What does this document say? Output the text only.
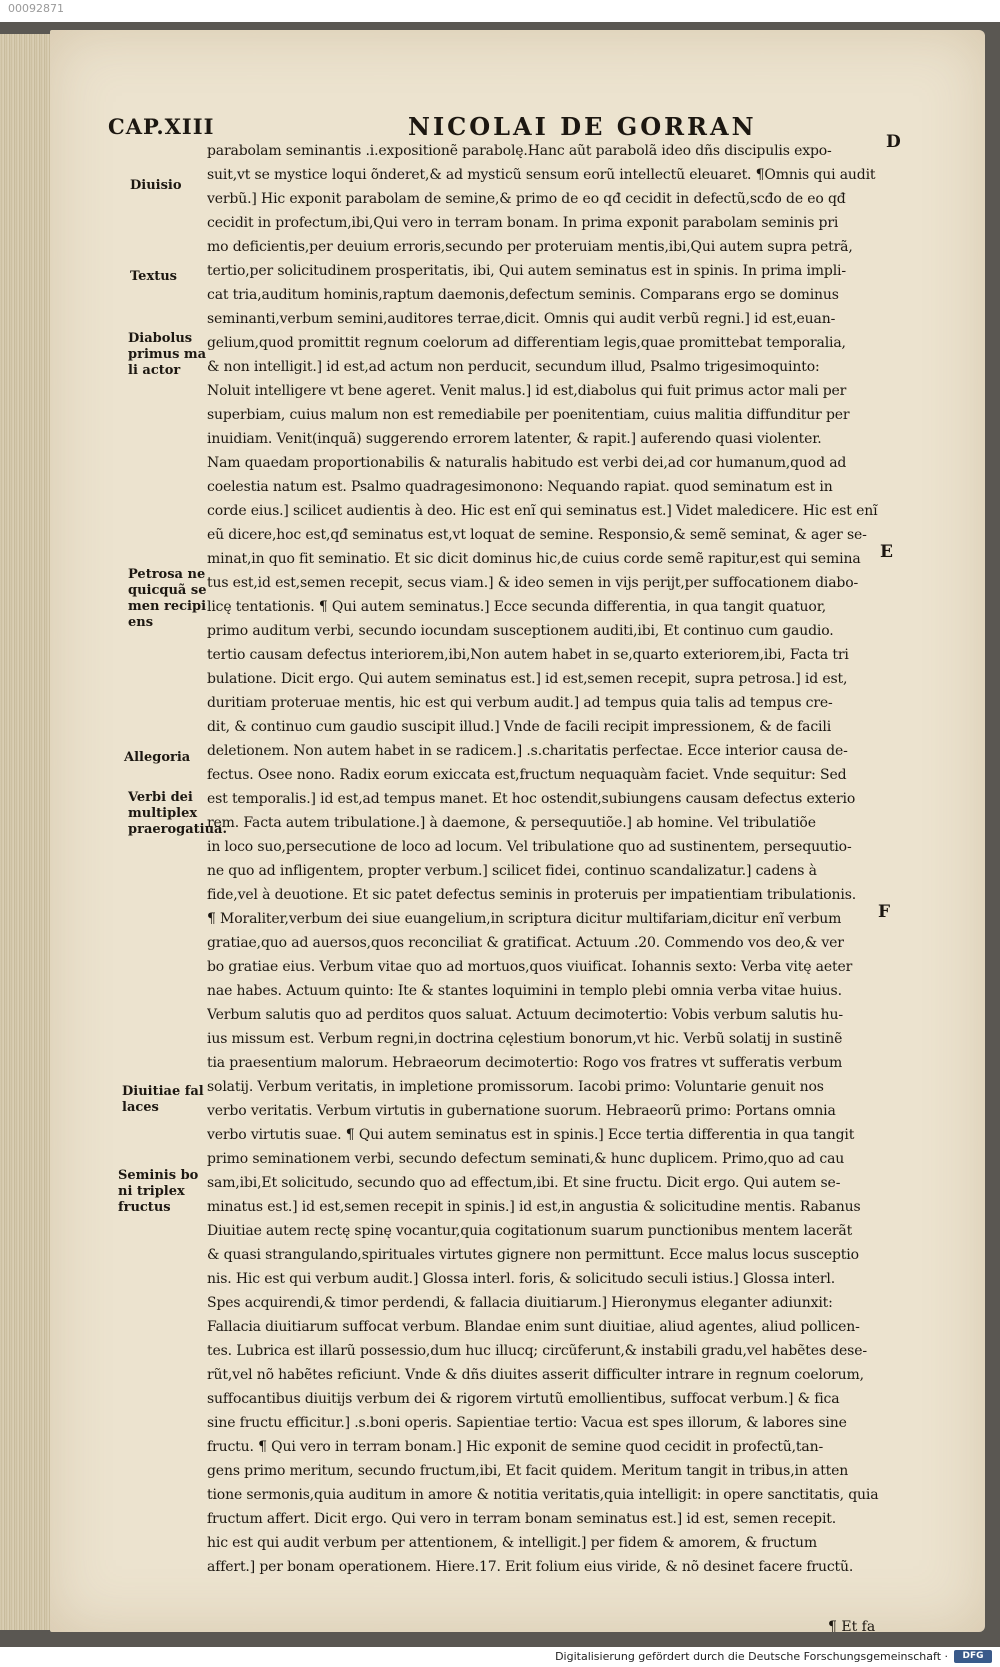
00092871
CAP.XIII	NICOLAI DE GORRAN
Diuisio
Textus
Diabolus
primus ma
li actor
Petrosa ne
quicquã se
men recipi
ens
Allegoria
Verbi dei
multiplex
praerogatiua.
Diuitiae fal
laces
Seminis bo
ni triplex
fructus
D
E
F
parabolam seminantis .i.expositionẽ parabolę.Hanc aũt parabolã ideo dñs discipulis expo-
suit,vt se mystice loqui õnderet,& ad mysticũ sensum eorũ intellectũ eleuaret. ¶Omnis qui audit
verbũ.] Hic exponit parabolam de semine,& primo de eo qđ cecidit in defectũ,scđo de eo qđ
cecidit in profectum,ibi,Qui vero in terram bonam. In prima exponit parabolam seminis pri
mo deficientis,per deuium erroris,secundo per proteruiam mentis,ibi,Qui autem supra petrã,
tertio,per solicitudinem prosperitatis, ibi, Qui autem seminatus est in spinis. In prima impli-
cat tria,auditum hominis,raptum daemonis,defectum seminis. Comparans ergo se dominus
seminanti,verbum semini,auditores terrae,dicit. Omnis qui audit verbũ regni.] id est,euan-
gelium,quod promittit regnum coelorum ad differentiam legis,quae promittebat temporalia,
& non intelligit.] id est,ad actum non perducit, secundum illud, Psalmo trigesimoquinto:
Noluit intelligere vt bene ageret. Venit malus.] id est,diabolus qui fuit primus actor mali per
superbiam, cuius malum non est remediabile per poenitentiam, cuius malitia diffunditur per
inuidiam. Venit(inquã) suggerendo errorem latenter, & rapit.] auferendo quasi violenter.
Nam quaedam proportionabilis & naturalis habitudo est verbi dei,ad cor humanum,quod ad
coelestia natum est. Psalmo quadragesimonono: Nequando rapiat. quod seminatum est in
corde eius.] scilicet audientis à deo. Hic est enĩ qui seminatus est.] Videt maledicere. Hic est enĩ
eũ dicere,hoc est,qđ seminatus est,vt loquat de semine. Responsio,& semẽ seminat, & ager se-
minat,in quo fit seminatio. Et sic dicit dominus hic,de cuius corde semẽ rapitur,est qui semina
tus est,id est,semen recepit, secus viam.] & ideo semen in vijs perijt,per suffocationem diabo-
licę tentationis. ¶ Qui autem seminatus.] Ecce secunda differentia, in qua tangit quatuor,
primo auditum verbi, secundo iocundam susceptionem auditi,ibi, Et continuo cum gaudio.
tertio causam defectus interiorem,ibi,Non autem habet in se,quarto exteriorem,ibi, Facta tri
bulatione. Dicit ergo. Qui autem seminatus est.] id est,semen recepit, supra petrosa.] id est,
duritiam proteruae mentis, hic est qui verbum audit.] ad tempus quia talis ad tempus cre-
dit, & continuo cum gaudio suscipit illud.] Vnde de facili recipit impressionem, & de facili
deletionem. Non autem habet in se radicem.] .s.charitatis perfectae. Ecce interior causa de-
fectus. Osee nono. Radix eorum exiccata est,fructum nequaquàm faciet. Vnde sequitur: Sed
est temporalis.] id est,ad tempus manet. Et hoc ostendit,subiungens causam defectus exterio
rem. Facta autem tribulatione.] à daemone, & persequutiõe.] ab homine. Vel tribulatiõe
in loco suo,persecutione de loco ad locum. Vel tribulatione quo ad sustinentem, persequutio-
ne quo ad infligentem, propter verbum.] scilicet fidei, continuo scandalizatur.] cadens à
fide,vel à deuotione. Et sic patet defectus seminis in proteruis per impatientiam tribulationis.
¶ Moraliter,verbum dei siue euangelium,in scriptura dicitur multifariam,dicitur enĩ verbum
gratiae,quo ad auersos,quos reconciliat & gratificat. Actuum .20. Commendo vos deo,& ver
bo gratiae eius. Verbum vitae quo ad mortuos,quos viuificat. Iohannis sexto: Verba vitę aeter
nae habes. Actuum quinto: Ite & stantes loquimini in templo plebi omnia verba vitae huius.
Verbum salutis quo ad perditos quos saluat. Actuum decimotertio: Vobis verbum salutis hu-
ius missum est. Verbum regni,in doctrina cęlestium bonorum,vt hic. Verbũ solatij in sustinẽ
tia praesentium malorum. Hebraeorum decimotertio: Rogo vos fratres vt sufferatis verbum
solatij. Verbum veritatis, in impletione promissorum. Iacobi primo: Voluntarie genuit nos
verbo veritatis. Verbum virtutis in gubernatione suorum. Hebraeorũ primo: Portans omnia
verbo virtutis suae. ¶ Qui autem seminatus est in spinis.] Ecce tertia differentia in qua tangit
primo seminationem verbi, secundo defectum seminati,& hunc duplicem. Primo,quo ad cau
sam,ibi,Et solicitudo, secundo quo ad effectum,ibi. Et sine fructu. Dicit ergo. Qui autem se-
minatus est.] id est,semen recepit in spinis.] id est,in angustia & solicitudine mentis. Rabanus
Diuitiae autem rectę spinę vocantur,quia cogitationum suarum punctionibus mentem lacerãt
& quasi strangulando,spirituales virtutes gignere non permittunt. Ecce malus locus susceptio
nis. Hic est qui verbum audit.] Glossa interl. foris, & solicitudo seculi istius.] Glossa interl.
Spes acquirendi,& timor perdendi, & fallacia diuitiarum.] Hieronymus eleganter adiunxit:
Fallacia diuitiarum suffocat verbum. Blandae enim sunt diuitiae, aliud agentes, aliud pollicen-
tes. Lubrica est illarũ possessio,dum huc illucq; circũferunt,& instabili gradu,vel habẽtes dese-
rũt,vel nõ habẽtes reficiunt. Vnde & dñs diuites asserit difficulter intrare in regnum coelorum,
suffocantibus diuitijs verbum dei & rigorem virtutũ emollientibus, suffocat verbum.] & fica
sine fructu efficitur.] .s.boni operis. Sapientiae tertio: Vacua est spes illorum, & labores sine
fructu. ¶ Qui vero in terram bonam.] Hic exponit de semine quod cecidit in profectũ,tan-
gens primo meritum, secundo fructum,ibi, Et facit quidem. Meritum tangit in tribus,in atten
tione sermonis,quia auditum in amore & notitia veritatis,quia intelligit: in opere sanctitatis, quia
fructum affert. Dicit ergo. Qui vero in terram bonam seminatus est.] id est, semen recepit.
hic est qui audit verbum per attentionem, & intelligit.] per fidem & amorem, & fructum
affert.] per bonam operationem. Hiere.17. Erit folium eius viride, & nõ desinet facere fructũ.
¶ Et fa
Digitalisierung gefördert durch die Deutsche Forschungsgemeinschaft ·	DFG
